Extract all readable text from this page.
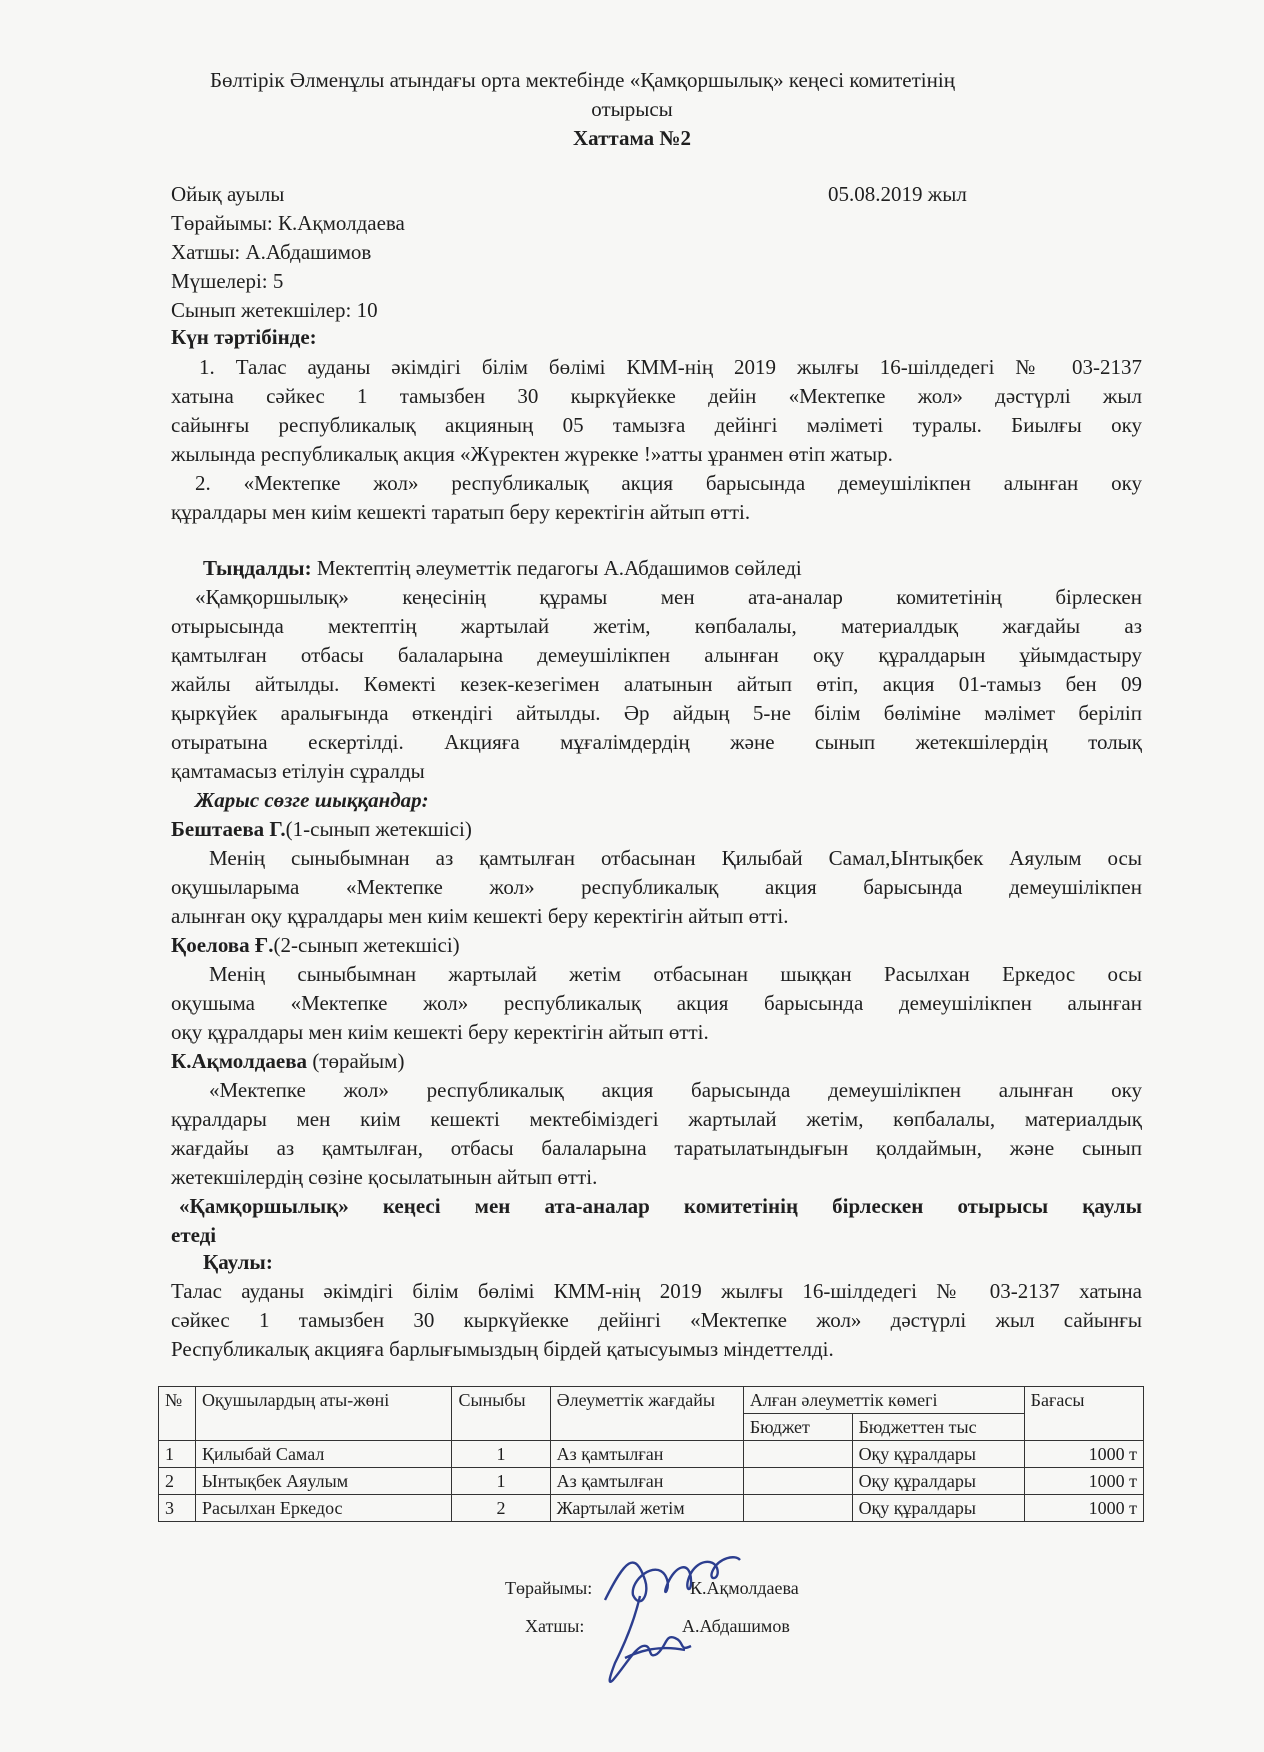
Бөлтірік Әлменұлы атындағы орта мектебінде «Қамқоршылық» кеңесі комитетінің
отырысы
Хаттама №2
Ойық ауылы	05.08.2019 жыл
Төрайымы: К.Ақмолдаева
Хатшы: А.Абдашимов
Мүшелері: 5
Сынып жетекшілер: 10
Күн тәртібінде:
1. Талас ауданы әкімдігі білім бөлімі КММ-нің 2019 жылғы 16-шілдедегі № 03-2137
хатына сәйкес 1 тамызбен 30 кыркүйекке дейін «Мектепке жол» дәстүрлі жыл
сайынғы республикалық акцияның 05 тамызға дейінгі мәліметі туралы. Биылғы оку
жылында республикалық акция «Жүректен жүрекке !»атты ұранмен өтіп жатыр.
2. «Мектепке жол» республикалық акция барысында демеушілікпен алынған оку
құралдары мен киім кешекті таратып беру керектігін айтып өтті.
Тыңдалды: Мектептің әлеуметтік педагогы А.Абдашимов сөйледі
«Қамқоршылық» кеңесінің құрамы мен ата-аналар комитетінің бірлескен
отырысында мектептің жартылай жетім, көпбалалы, материалдық жағдайы аз
қамтылған отбасы балаларына демеушілікпен алынған оқу құралдарын ұйымдастыру
жайлы айтылды. Көмекті кезек-кезегімен алатынын айтып өтіп, акция 01-тамыз бен 09
қыркүйек аралығында өткендігі айтылды. Әр айдың 5-не білім бөліміне мәлімет беріліп
отыратына ескертілді. Акцияға мұғалімдердің және сынып жетекшілердің толық
қамтамасыз етілуін сұралды
Жарыс сөзге шыққандар:
Бештаева Г.(1-сынып жетекшісі)
Менің сыныбымнан аз қамтылған отбасынан Қилыбай Самал,Ынтықбек Аяулым осы
оқушыларыма «Мектепке жол» республикалық акция барысында демеушілікпен
алынған оқу құралдары мен киім кешекті беру керектігін айтып өтті.
Қоелова Ғ.(2-сынып жетекшісі)
Менің сыныбымнан жартылай жетім отбасынан шыққан Расылхан Еркедос осы
оқушыма «Мектепке жол» республикалық акция барысында демеушілікпен алынған
оқу құралдары мен киім кешекті беру керектігін айтып өтті.
К.Ақмолдаева (төрайым)
«Мектепке жол» республикалық акция барысында демеушілікпен алынған оку
құралдары мен киім кешекті мектебіміздегі жартылай жетім, көпбалалы, материалдық
жағдайы аз қамтылған, отбасы балаларына таратылатындығын қолдаймын, және сынып
жетекшілердің сөзіне қосылатынын айтып өтті.
«Қамқоршылық» кеңесі мен ата-аналар комитетінің бірлескен отырысы қаулы
етеді
Қаулы:
Талас ауданы әкімдігі білім бөлімі КММ-нің 2019 жылғы 16-шілдедегі № 03-2137 хатына
сәйкес 1 тамызбен 30 кыркүйекке дейінгі «Мектепке жол» дәстүрлі жыл сайынғы
Республикалық акцияға барлығымыздың бірдей қатысуымыз міндеттелді.
№	Оқушылардың аты-жөні	Сыныбы	Әлеуметтік жағдайы	Алған әлеуметтік көмегі		Бағасы
				Бюджет	Бюджеттен тыс	
1	Қилыбай Самал	1	Аз қамтылған		Оқу құралдары	1000 т
2	Ынтықбек Аяулым	1	Аз қамтылған		Оқу құралдары	1000 т
3	Расылхан Еркедос	2	Жартылай жетім		Оқу құралдары	1000 т
Төрайымы:	К.Ақмолдаева
Хатшы:	А.Абдашимов
